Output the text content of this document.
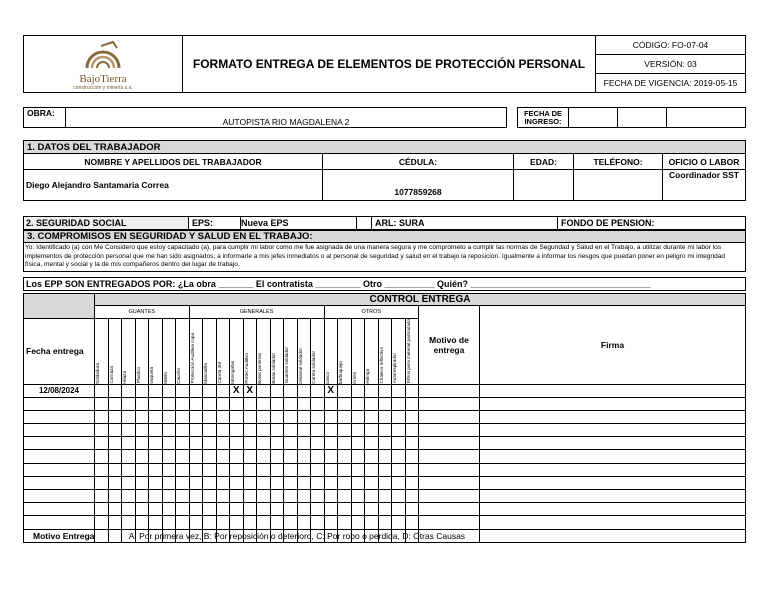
BajoTierra
construcción y minería s.a.
	FORMATO ENTREGA DE ELEMENTOS DE PROTECCIÓN PERSONAL	CÓDIGO: FO-07-04
VERSIÓN: 03
FECHA DE VIGENCIA: 2019-05-15
OBRA:	AUTOPISTA RIO MAGDALENA 2		FECHA DE INGRESO:			
1. DATOS DEL TRABAJADOR				
NOMBRE Y APELLIDOS DEL TRABAJADOR	CÉDULA:	EDAD:	TELÉFONO:	OFICIO O LABOR
Diego Alejandro Santamaria Correa	1077859268			Coordinador SST
2. SEGURIDAD SOCIAL	EPS:	Nueva EPS		ARL: SURA	FONDO DE PENSION:
3. COMPROMISOS EN SEGURIDAD Y SALUD EN EL TRABAJO:
Yo: Identificado (a) con Me Considero que estoy capacitado (a), para cumplir mi labor como me fue asignada de una manera segura y me comprometo a cumplir las normas de Seguridad y Salud en el Trabajo, a utilizar durante mi labor los implementos de protección personal que me han sido asignados, a informarle a mis jefes inmediatos o al personal de seguridad y salud en el trabajo la reposición. Igualmente a informar los riesgos que puedan poner en peligro mi integridad física, mental y social y la de mis compañeros dentro del lugar de trabajo.
Los EPP SON ENTREGADOS POR: ¿La obra _______ El contratista _________ Otro __________ Quién? ____________________________________
	CONTROL ENTREGA																									
	GUANTES							GENERALES										OTROS							Motivo de entrega	Firma
Fecha entrega	Soldadura	Carnaza	Hilaza	Plastico	Vaqueta	Nitrilo	Caucho	Protección Auditiva copa	Mascarilla	Careta 3M	Monogafas	Protec Auditivo	Botas punteras	Botas soldador	Guantes soldador	Delantal soldador	Careta soldador	casco	barbuquejo	Arnes	eslinga	Chaleco reflectivo	Autorespirador	Filtros para material particulado		

12/08/2024											X	X						X								

Motivo Entrega	A: Por primera vez, B: Por reposición o deterioro, C: Por robo o perdida, D: Otras Causas
